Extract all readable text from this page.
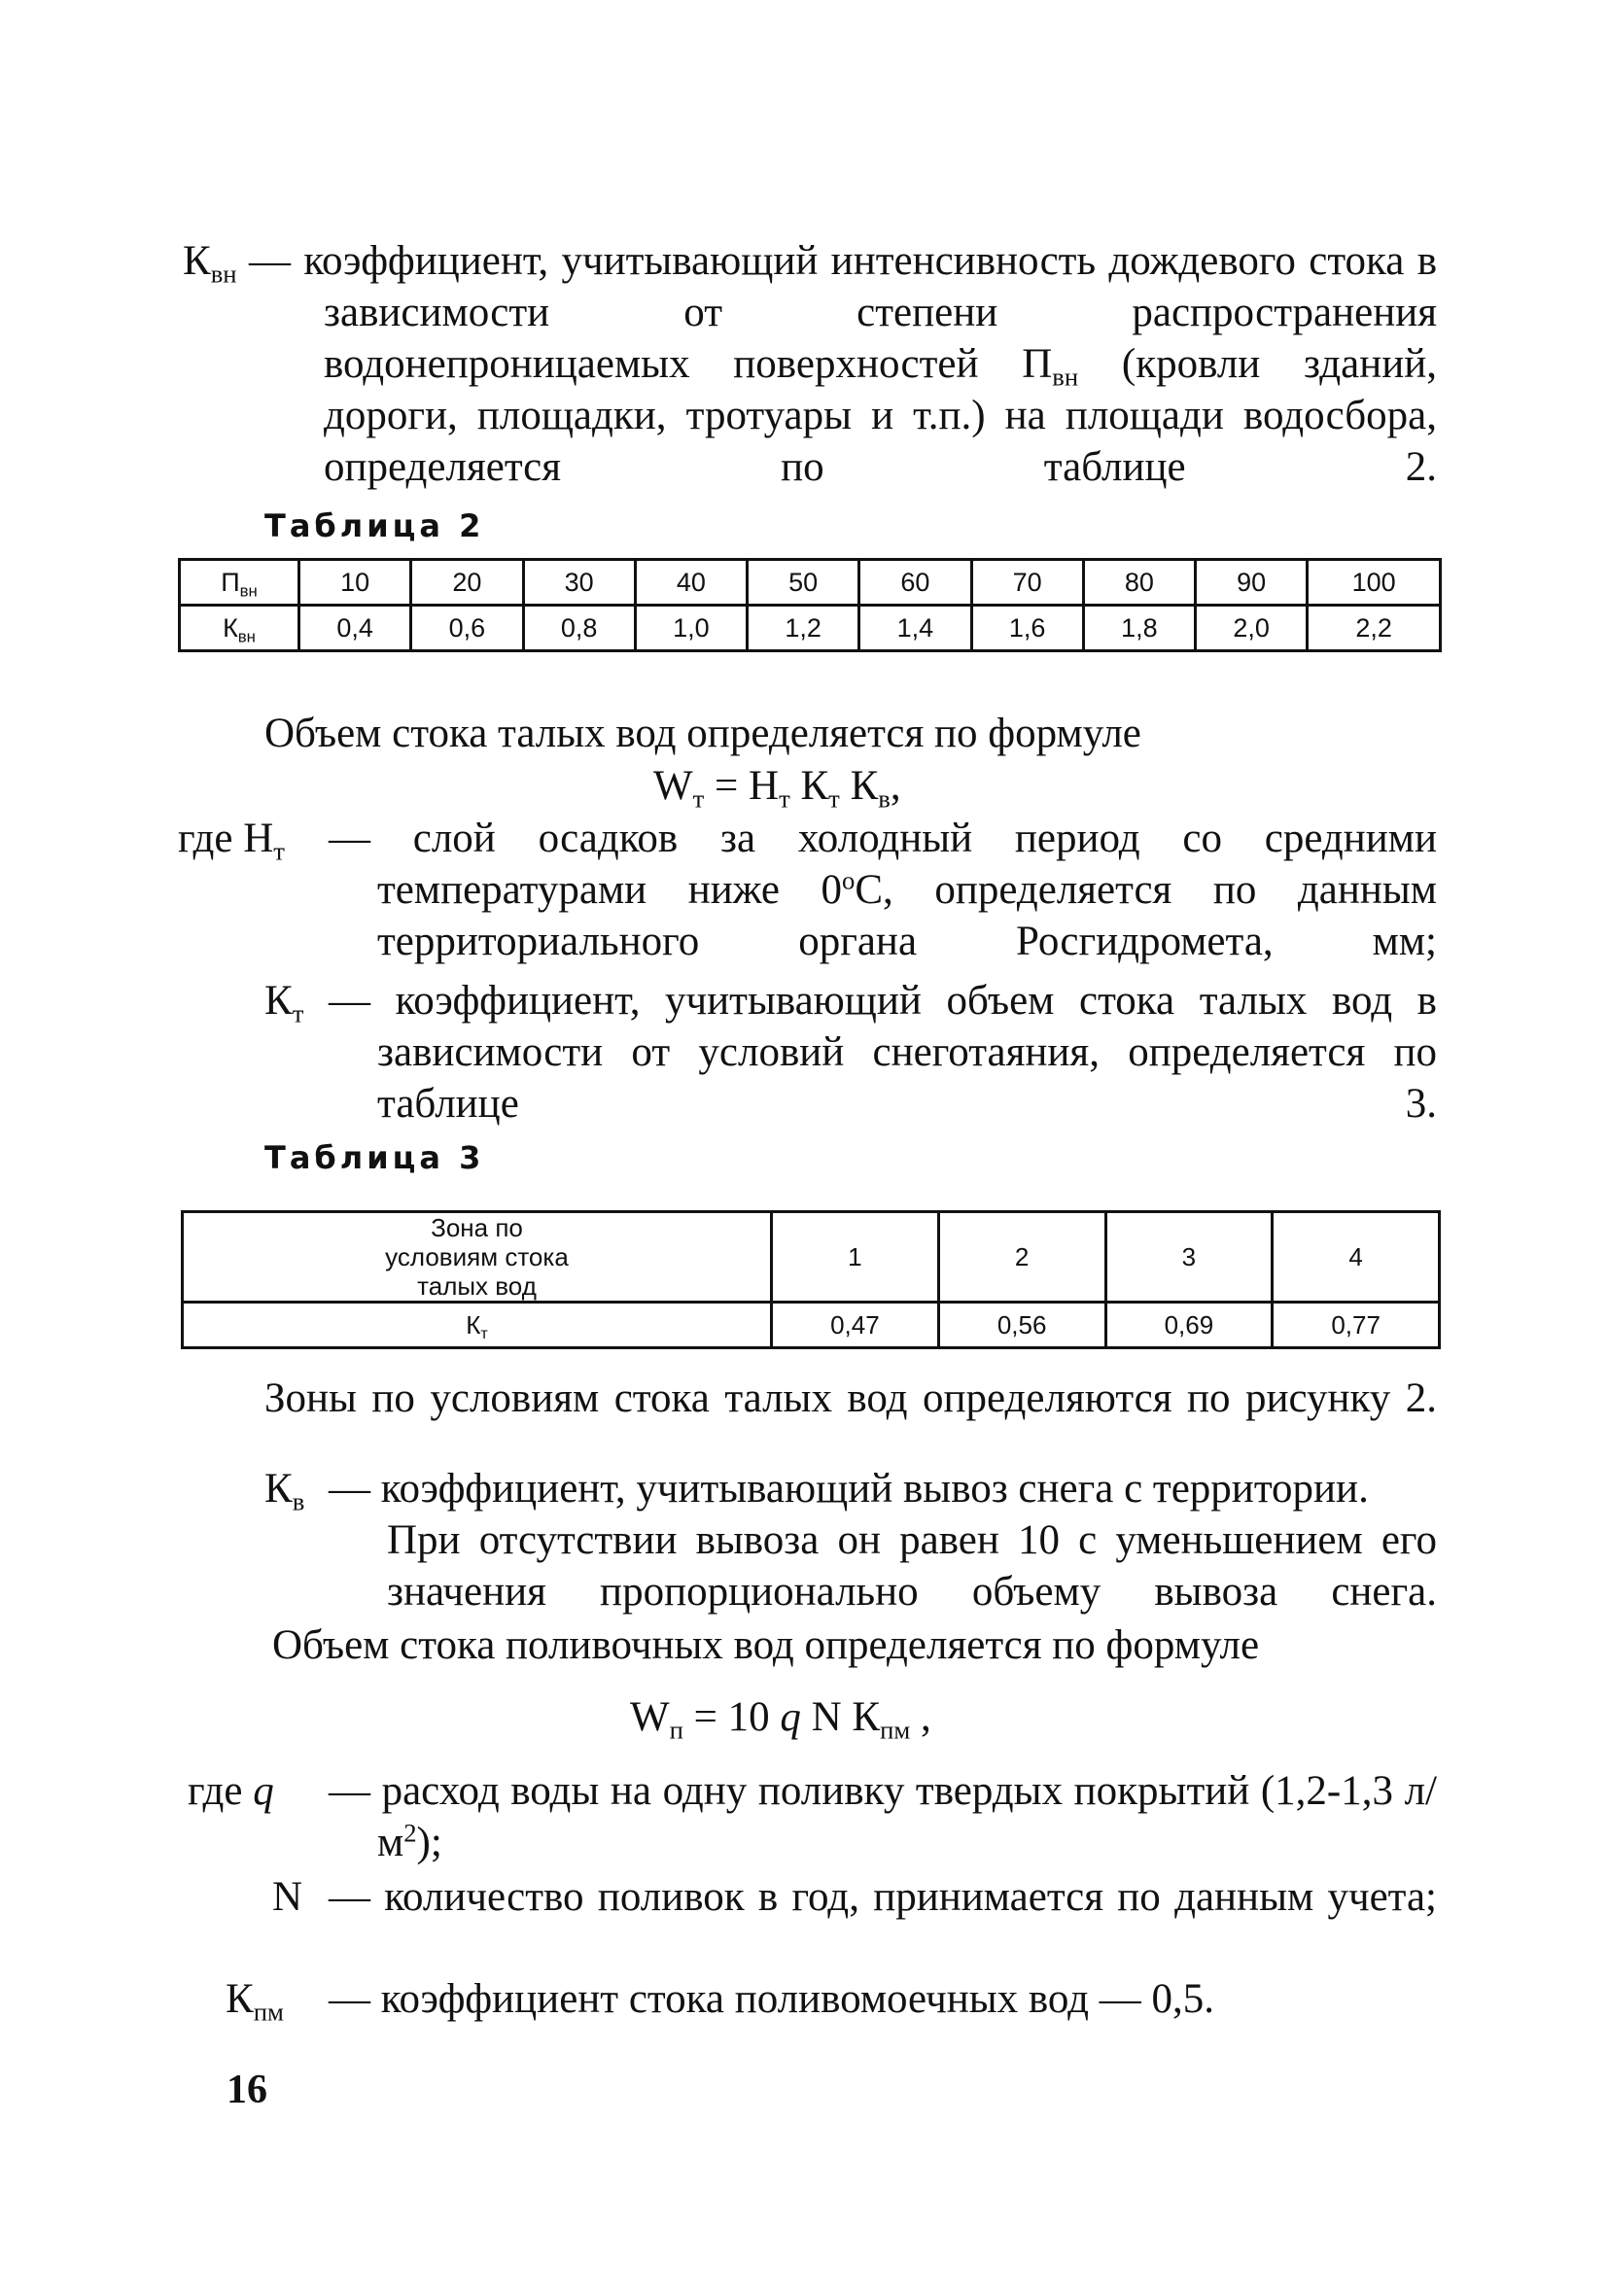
$К_{вн}$ — коэффициент, учитывающий интенсивность дождевого стока в зависимости от степени распространения водонепроницаемых поверхностей $П_{вн}$ (кровли зданий, дороги, площадки, тротуары и т.п.) на площади водосбора, определяется по таблице 2.
Таблица 2
$П_{вн}$	10	20	30	40	50	60	70	80	90	100
$К_{вн}$	0,4	0,6	0,8	1,0	1,2	1,4	1,6	1,8	2,0	2,2
Объем стока талых вод определяется по формуле
$W_т = Н_т$ $К_т$ $К_в$,
где $Н_т$ — слой осадков за холодный период со средними температурами ниже $0^оС$, определяется по данным территориального органа Росгидромета, мм;
$К_т$ — коэффициент, учитывающий объем стока талых вод в зависимости от условий снеготаяния, определяется по таблице 3.
Таблица 3
Зона по условиям стока талых вод	1	2	3	4
$К_т$	0,47	0,56	0,69	0,77
Зоны по условиям стока талых вод определяются по рисунку 2.
$К_в$ — коэффициент, учитывающий вывоз снега с территории.
При отсутствии вывоза он равен 10 с уменьшением его значения пропорционально объему вывоза снега.
Объем стока поливочных вод определяется по формуле
$W_п = 10$ q N $К_{пм}$ ,
где q — расход воды на одну поливку твердых покрытий (1,2-1,3 $л/м^2$);
N — количество поливок в год, принимается по данным учета;
$К_{пм}$ — коэффициент стока поливомоечных вод — 0,5.
16
